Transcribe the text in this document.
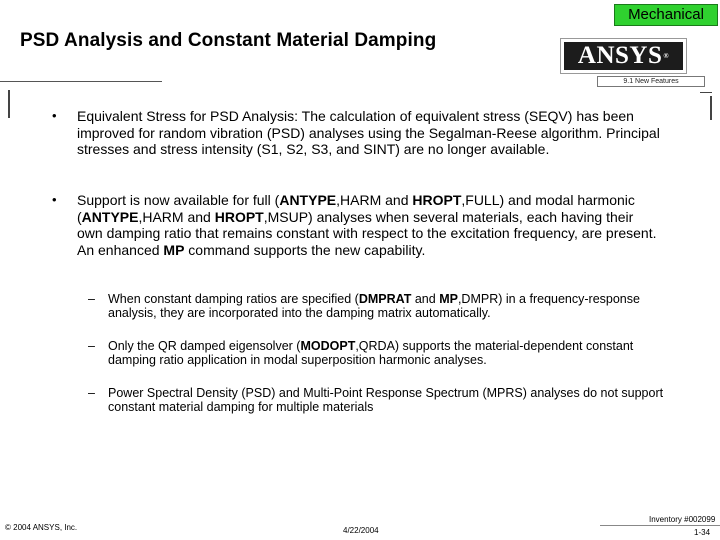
Mechanical
PSD Analysis and Constant Material Damping
ANSYS®
9.1 New Features
•	Equivalent Stress for PSD Analysis: The calculation of equivalent stress (SEQV) has been improved for random vibration (PSD) analyses using the Segalman-Reese algorithm. Principal stresses and stress intensity (S1, S2, S3, and SINT) are no longer available.
•	Support is now available for full (ANTYPE,HARM and HROPT,FULL) and modal harmonic (ANTYPE,HARM and HROPT,MSUP) analyses when several materials, each having their own damping ratio that remains constant with respect to the excitation frequency, are present. An enhanced MP command supports the new capability.
– When constant damping ratios are specified (DMPRAT and MP,DMPR) in a frequency-response analysis, they are incorporated into the damping matrix automatically.
– Only the QR damped eigensolver (MODOPT,QRDA) supports the material-dependent constant damping ratio application in modal superposition harmonic analyses.
– Power Spectral Density (PSD) and Multi-Point Response Spectrum (MPRS) analyses do not support constant material damping for multiple materials
© 2004 ANSYS, Inc.	4/22/2004
Inventory #002099
1-34
